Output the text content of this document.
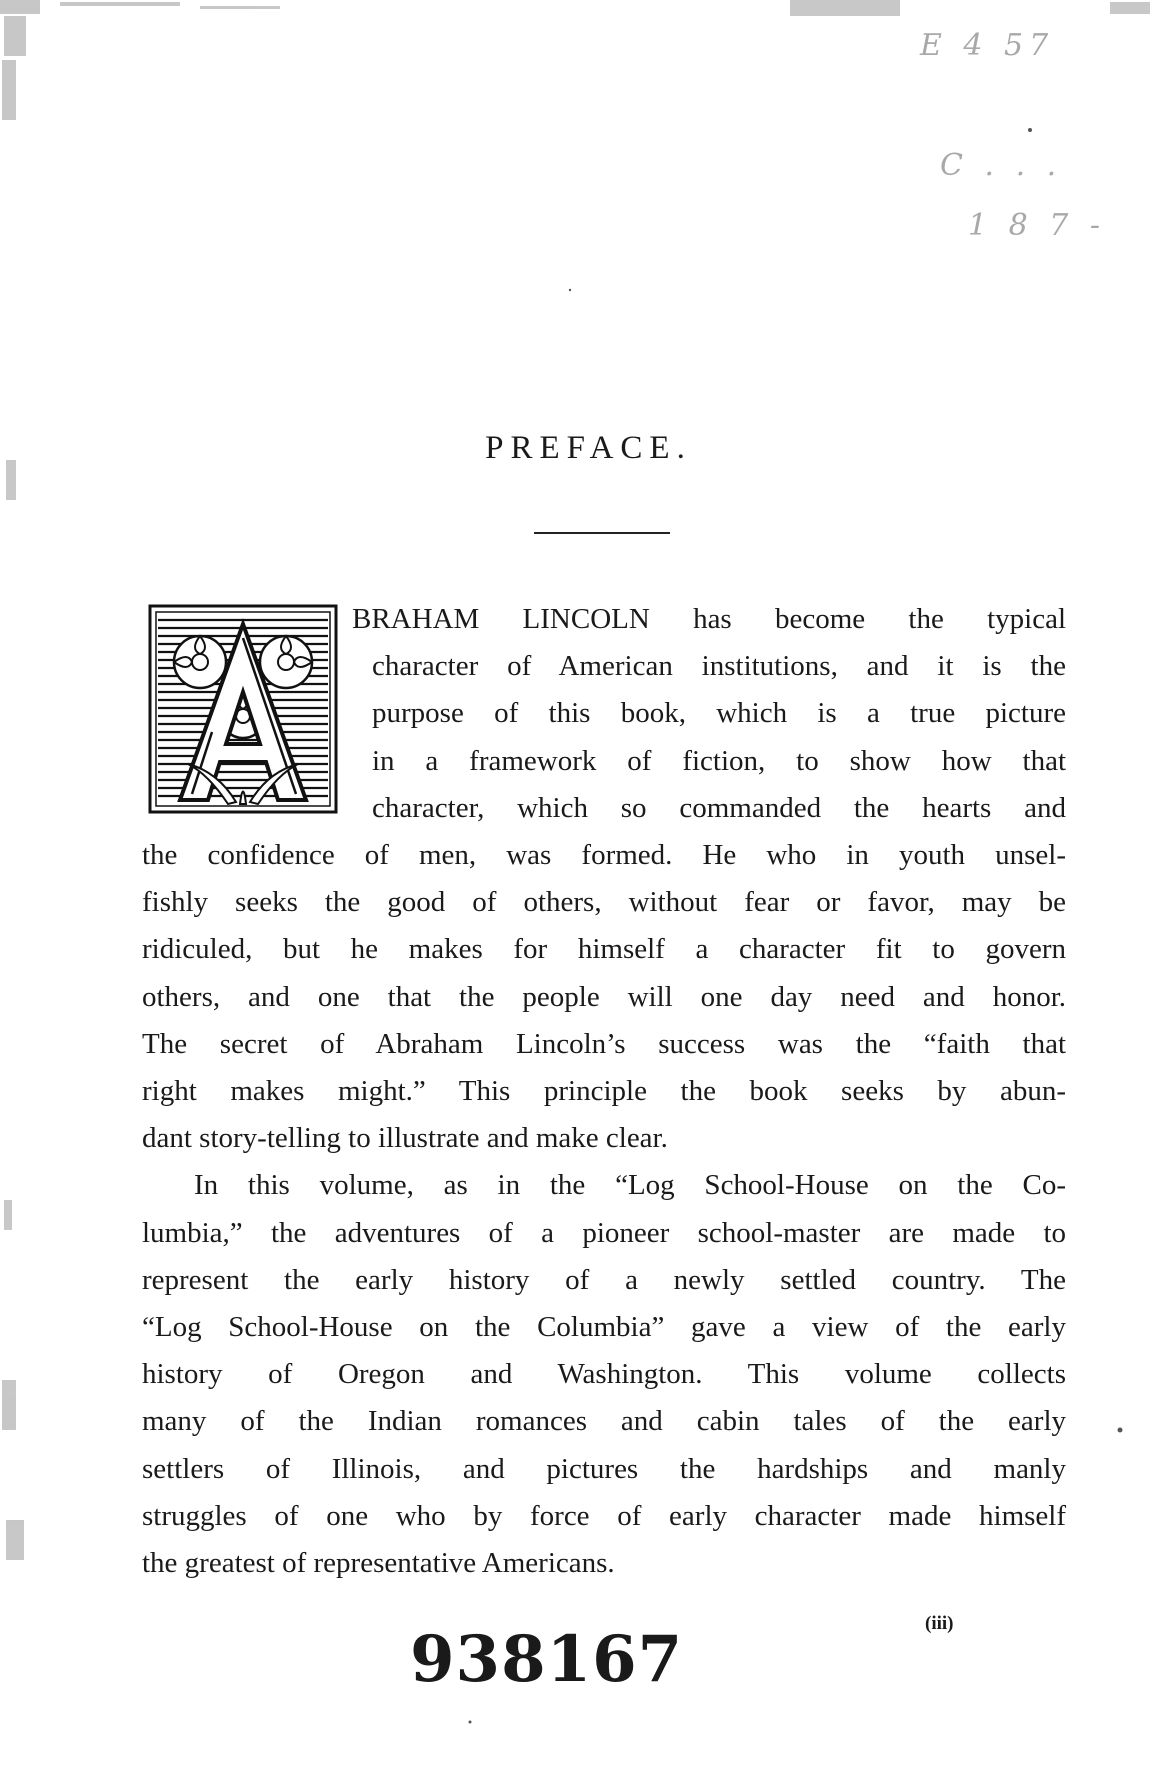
E 4 57
C . . .
1 8 7 -
PREFACE.
BRAHAM LINCOLN has become the typical
character of American institutions, and it is the
purpose of this book, which is a true picture
in a framework of fiction, to show how that
character, which so commanded the hearts and
the confidence of men, was formed. He who in youth unsel-
fishly seeks the good of others, without fear or favor, may be
ridiculed, but he makes for himself a character fit to govern
others, and one that the people will one day need and honor.
The secret of Abraham Lincoln’s success was the “faith that
right makes might.” This principle the book seeks by abun-
dant story-telling to illustrate and make clear.
In this volume, as in the “Log School-House on the Co-
lumbia,” the adventures of a pioneer school-master are made to
represent the early history of a newly settled country. The
“Log School-House on the Columbia” gave a view of the early
history of Oregon and Washington. This volume collects
many of the Indian romances and cabin tales of the early
settlers of Illinois, and pictures the hardships and manly
struggles of one who by force of early character made himself
the greatest of representative Americans.
(iii)
938167
